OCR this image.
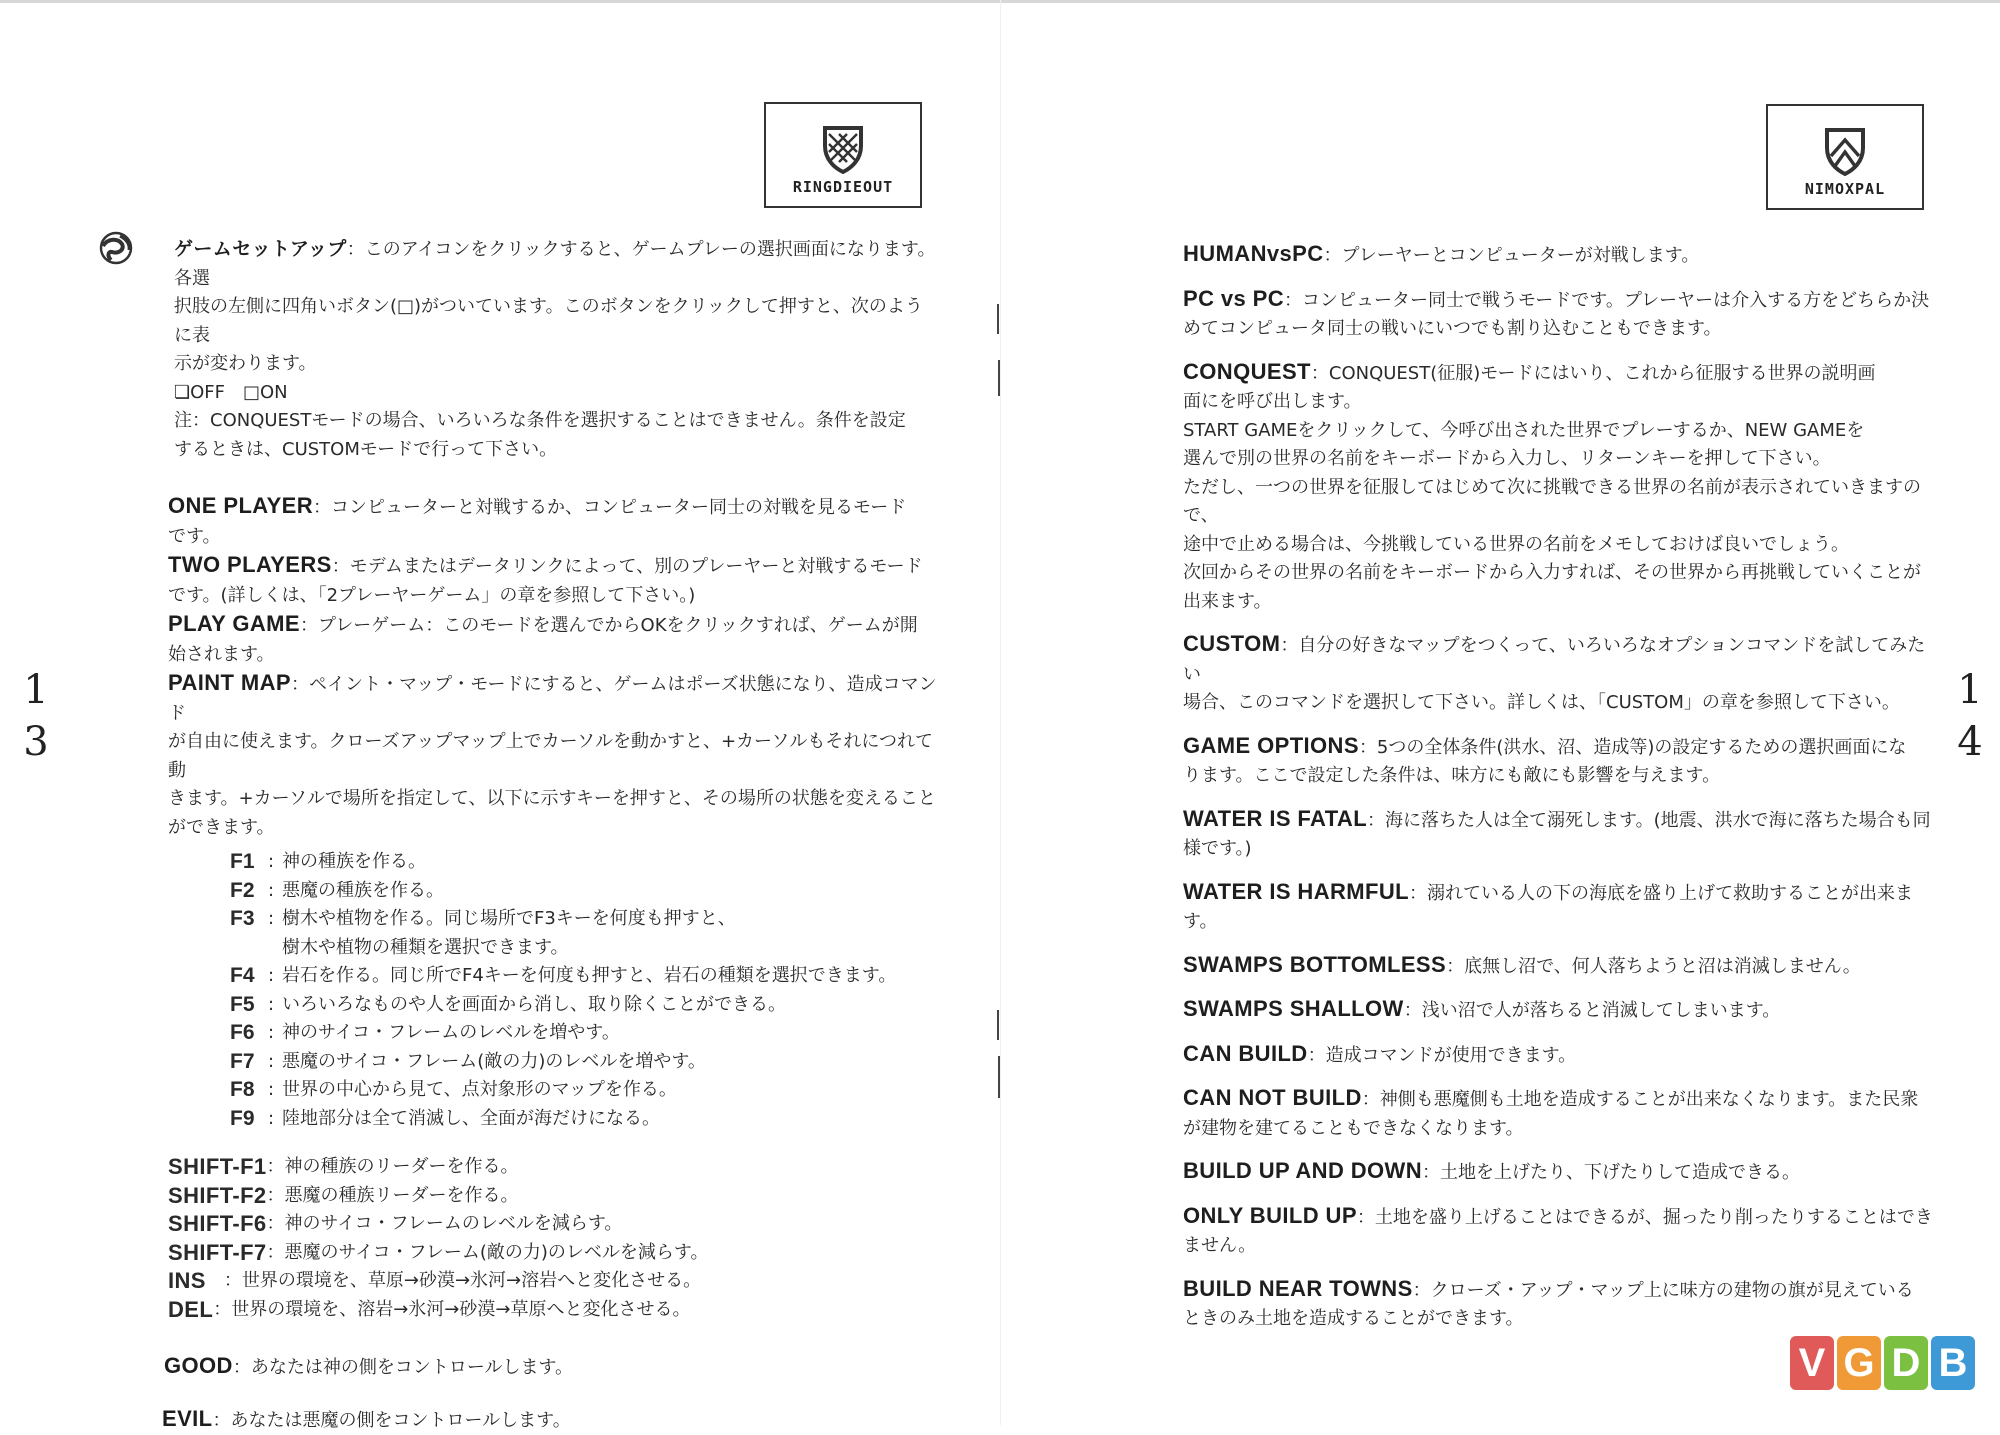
RINGDIEOUT	NIMOXPAL
1
3
1
4
ゲームセットアップ：このアイコンをクリックすると、ゲームプレーの選択画面になります。各選
択肢の左側に四角いボタン(□)がついています。このボタンをクリックして押すと、次のように表
示が変わります。
❏OFF　□ON
注：CONQUESTモードの場合、いろいろな条件を選択することはできません。条件を設定
するときは、CUSTOMモードで行って下さい。
ONE PLAYER：コンピューターと対戦するか、コンピューター同士の対戦を見るモード
です。
TWO PLAYERS：モデムまたはデータリンクによって、別のプレーヤーと対戦するモード
です。(詳しくは、「2プレーヤーゲーム」の章を参照して下さい。)
PLAY GAME：プレーゲーム：このモードを選んでからOKをクリックすれば、ゲームが開
始されます。
PAINT MAP：ペイント・マップ・モードにすると、ゲームはポーズ状態になり、造成コマンド
が自由に使えます。クローズアップマップ上でカーソルを動かすと、+カーソルもそれにつれて動
きます。+カーソルで場所を指定して、以下に示すキーを押すと、その場所の状態を変えること
ができます。
F1 : 神の種族を作る。
F2 : 悪魔の種族を作る。
F3 : 樹木や植物を作る。同じ場所でF3キーを何度も押すと、
樹木や植物の種類を選択できます。
F4 : 岩石を作る。同じ所でF4キーを何度も押すと、岩石の種類を選択できます。
F5 : いろいろなものや人を画面から消し、取り除くことができる。
F6 : 神のサイコ・フレームのレベルを増やす。
F7 : 悪魔のサイコ・フレーム(敵の力)のレベルを増やす。
F8 : 世界の中心から見て、点対象形のマップを作る。
F9 : 陸地部分は全て消滅し、全面が海だけになる。
SHIFT-F1 ：神の種族のリーダーを作る。
SHIFT-F2 ：悪魔の種族リーダーを作る。
SHIFT-F6 ：神のサイコ・フレームのレベルを減らす。
SHIFT-F7 ：悪魔のサイコ・フレーム(敵の力)のレベルを減らす。
INS 　：世界の環境を、草原→砂漠→氷河→溶岩へと変化させる。
DEL ：世界の環境を、溶岩→氷河→砂漠→草原へと変化させる。
GOOD：あなたは神の側をコントロールします。
EVIL：あなたは悪魔の側をコントロールします。
HUMANvsPC：プレーヤーとコンピューターが対戦します。
PC vs PC：コンピューター同士で戦うモードです。プレーヤーは介入する方をどちらか決
めてコンピュータ同士の戦いにいつでも割り込むこともできます。
CONQUEST：CONQUEST(征服)モードにはいり、これから征服する世界の説明画
面にを呼び出します。
START GAMEをクリックして、今呼び出された世界でプレーするか、NEW GAMEを
選んで別の世界の名前をキーボードから入力し、リターンキーを押して下さい。
ただし、一つの世界を征服してはじめて次に挑戦できる世界の名前が表示されていきますので、
途中で止める場合は、今挑戦している世界の名前をメモしておけば良いでしょう。
次回からその世界の名前をキーボードから入力すれば、その世界から再挑戦していくことが
出来ます。
CUSTOM：自分の好きなマップをつくって、いろいろなオプションコマンドを試してみたい
場合、このコマンドを選択して下さい。詳しくは、「CUSTOM」の章を参照して下さい。
GAME OPTIONS：5つの全体条件(洪水、沼、造成等)の設定するための選択画面にな
ります。ここで設定した条件は、味方にも敵にも影響を与えます。
WATER IS FATAL：海に落ちた人は全て溺死します。(地震、洪水で海に落ちた場合も同
様です。)
WATER IS HARMFUL：溺れている人の下の海底を盛り上げて救助することが出来ま
す。
SWAMPS BOTTOMLESS：底無し沼で、何人落ちようと沼は消滅しません。
SWAMPS SHALLOW：浅い沼で人が落ちると消滅してしまいます。
CAN BUILD：造成コマンドが使用できます。
CAN NOT BUILD：神側も悪魔側も土地を造成することが出来なくなります。また民衆
が建物を建てることもできなくなります。
BUILD UP AND DOWN：土地を上げたり、下げたりして造成できる。
ONLY BUILD UP：土地を盛り上げることはできるが、掘ったり削ったりすることはでき
ません。
BUILD NEAR TOWNS：クローズ・アップ・マップ上に味方の建物の旗が見えている
ときのみ土地を造成することができます。
V G D B
